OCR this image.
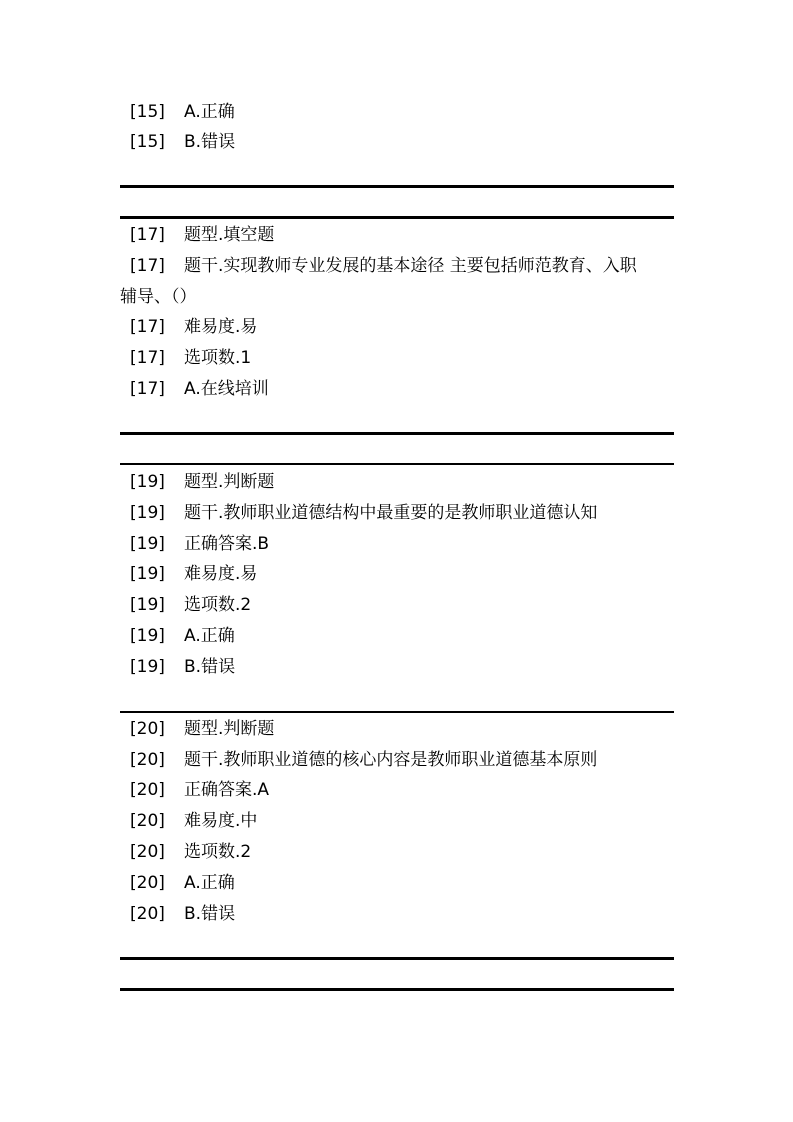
[15] A.正确
[15] B.错误
[17] 题型.填空题
[17] 题干.实现教师专业发展的基本途径 主要包括师范教育、入职
辅导、（）
[17] 难易度.易
[17] 选项数.1
[17] A.在线培训
[19] 题型.判断题
[19] 题干.教师职业道德结构中最重要的是教师职业道德认知
[19] 正确答案.B
[19] 难易度.易
[19] 选项数.2
[19] A.正确
[19] B.错误
[20] 题型.判断题
[20] 题干.教师职业道德的核心内容是教师职业道德基本原则
[20] 正确答案.A
[20] 难易度.中
[20] 选项数.2
[20] A.正确
[20] B.错误
